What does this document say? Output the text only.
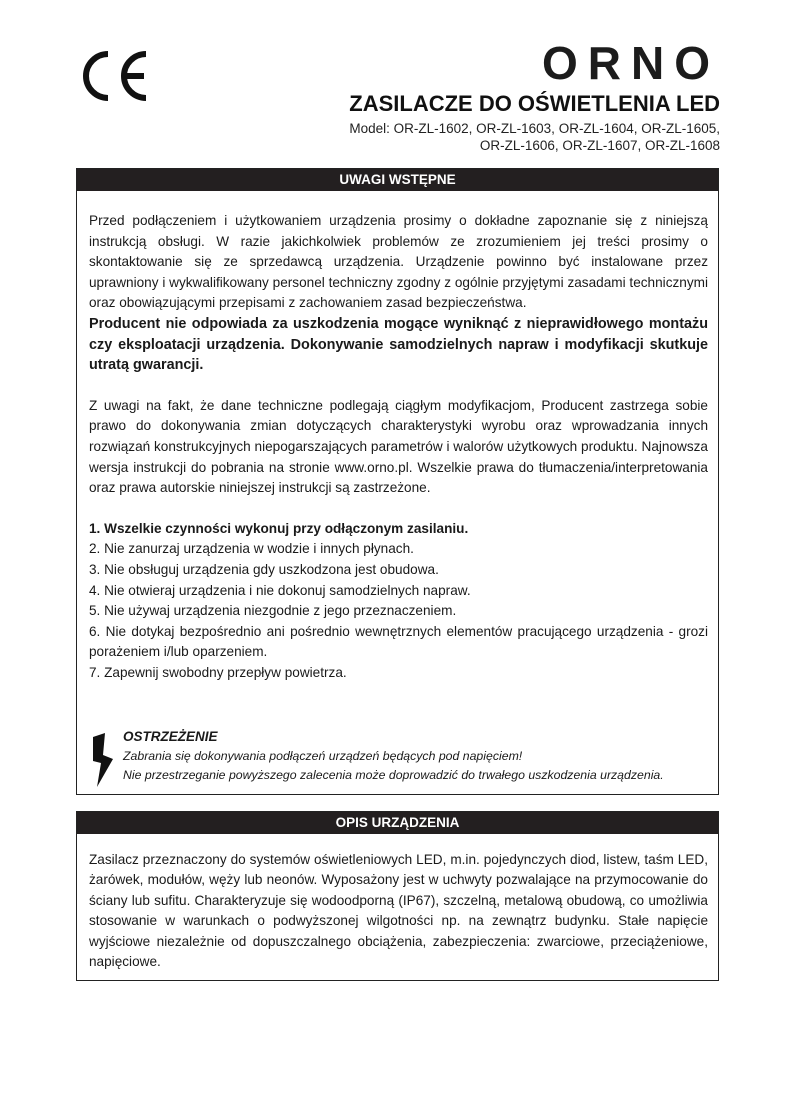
ORNO
ZASILACZE DO OŚWIETLENIA LED
Model: OR-ZL-1602, OR-ZL-1603, OR-ZL-1604, OR-ZL-1605,
OR-ZL-1606, OR-ZL-1607, OR-ZL-1608
UWAGI WSTĘPNE

Przed podłączeniem i użytkowaniem urządzenia prosimy o dokładne zapoznanie się z niniejszą instrukcją obsługi. W razie jakichkolwiek problemów ze zrozumieniem jej treści prosimy o skontaktowanie się ze sprzedawcą urządzenia. Urządzenie powinno być instalowane przez uprawniony i wykwalifikowany personel techniczny zgodny z ogólnie przyjętymi zasadami technicznymi oraz obowiązującymi przepisami z zachowaniem zasad bezpieczeństwa.

Producent nie odpowiada za uszkodzenia mogące wyniknąć z nieprawidłowego montażu czy eksploatacji urządzenia. Dokonywanie samodzielnych napraw i modyfikacji skutkuje utratą gwarancji.

Z uwagi na fakt, że dane techniczne podlegają ciągłym modyfikacjom, Producent zastrzega sobie prawo do dokonywania zmian dotyczących charakterystyki wyrobu oraz wprowadzania innych rozwiązań konstrukcyjnych niepogarszających parametrów i walorów użytkowych produktu. Najnowsza wersja instrukcji do pobrania na stronie www.orno.pl. Wszelkie prawa do tłumaczenia/interpretowania oraz prawa autorskie niniejszej instrukcji są zastrzeżone.

1. Wszelkie czynności wykonuj przy odłączonym zasilaniu.

2. Nie zanurzaj urządzenia w wodzie i innych płynach.

3. Nie obsługuj urządzenia gdy uszkodzona jest obudowa.

4. Nie otwieraj urządzenia i nie dokonuj samodzielnych napraw.

5. Nie używaj urządzenia niezgodnie z jego przeznaczeniem.

6. Nie dotykaj bezpośrednio ani pośrednio wewnętrznych elementów pracującego urządzenia - grozi porażeniem i/lub oparzeniem.

7. Zapewnij swobodny przepływ powietrza.

OSTRZEŻENIE
Zabrania się dokonywania podłączeń urządzeń będących pod napięciem!
Nie przestrzeganie powyższego zalecenia może doprowadzić do trwałego uszkodzenia urządzenia.
OPIS URZĄDZENIA

Zasilacz przeznaczony do systemów oświetleniowych LED, m.in. pojedynczych diod, listew, taśm LED, żarówek, modułów, węży lub neonów. Wyposażony jest w uchwyty pozwalające na przymocowanie do ściany lub sufitu. Charakteryzuje się wodoodporną (IP67), szczelną, metalową obudową, co umożliwia stosowanie w warunkach o podwyższonej wilgotności np. na zewnątrz budynku. Stałe napięcie wyjściowe niezależnie od dopuszczalnego obciążenia, zabezpieczenia: zwarciowe, przeciążeniowe, napięciowe.
